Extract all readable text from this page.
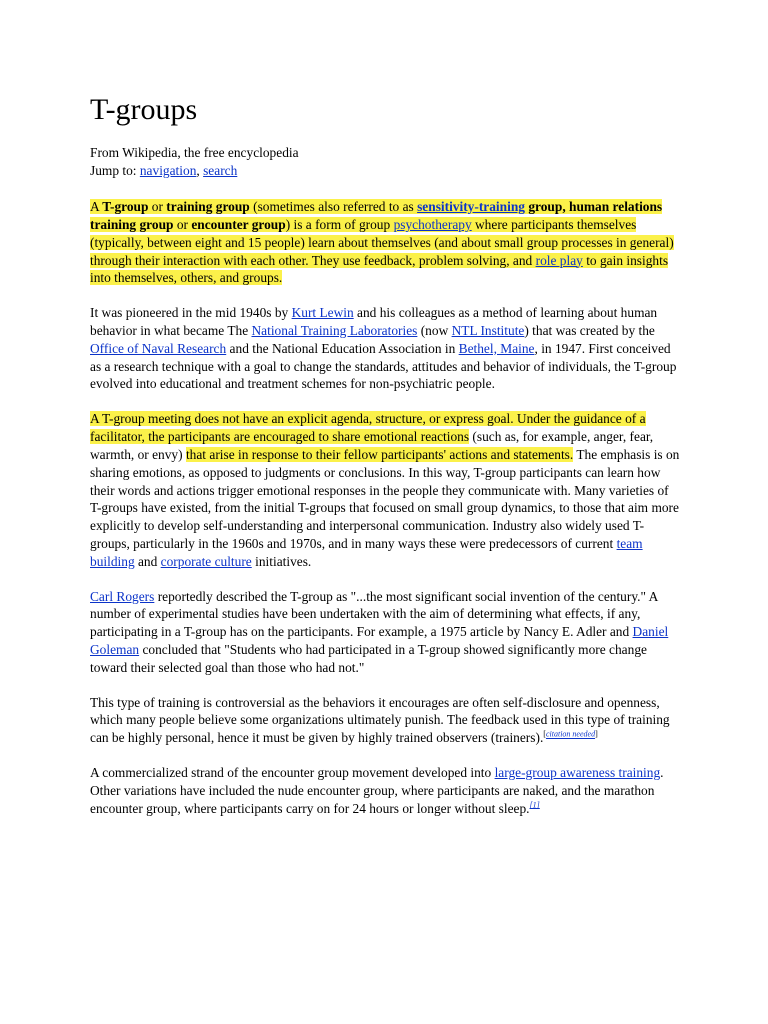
T-groups
From Wikipedia, the free encyclopedia
Jump to: navigation, search

A T-group or training group (sometimes also referred to as sensitivity-training group, human relations training group or encounter group) is a form of group psychotherapy where participants themselves (typically, between eight and 15 people) learn about themselves (and about small group processes in general) through their interaction with each other. They use feedback, problem solving, and role play to gain insights into themselves, others, and groups.

It was pioneered in the mid 1940s by Kurt Lewin and his colleagues as a method of learning about human behavior in what became The National Training Laboratories (now NTL Institute) that was created by the Office of Naval Research and the National Education Association in Bethel, Maine, in 1947. First conceived as a research technique with a goal to change the standards, attitudes and behavior of individuals, the T-group evolved into educational and treatment schemes for non-psychiatric people.

A T-group meeting does not have an explicit agenda, structure, or express goal. Under the guidance of a facilitator, the participants are encouraged to share emotional reactions (such as, for example, anger, fear, warmth, or envy) that arise in response to their fellow participants' actions and statements. The emphasis is on sharing emotions, as opposed to judgments or conclusions. In this way, T-group participants can learn how their words and actions trigger emotional responses in the people they communicate with. Many varieties of T-groups have existed, from the initial T-groups that focused on small group dynamics, to those that aim more explicitly to develop self-understanding and interpersonal communication. Industry also widely used T-groups, particularly in the 1960s and 1970s, and in many ways these were predecessors of current team building and corporate culture initiatives.

Carl Rogers reportedly described the T-group as "...the most significant social invention of the century." A number of experimental studies have been undertaken with the aim of determining what effects, if any, participating in a T-group has on the participants. For example, a 1975 article by Nancy E. Adler and Daniel Goleman concluded that "Students who had participated in a T-group showed significantly more change toward their selected goal than those who had not."

This type of training is controversial as the behaviors it encourages are often self-disclosure and openness, which many people believe some organizations ultimately punish. The feedback used in this type of training can be highly personal, hence it must be given by highly trained observers (trainers).[citation needed]

A commercialized strand of the encounter group movement developed into large-group awareness training. Other variations have included the nude encounter group, where participants are naked, and the marathon encounter group, where participants carry on for 24 hours or longer without sleep.[1]
